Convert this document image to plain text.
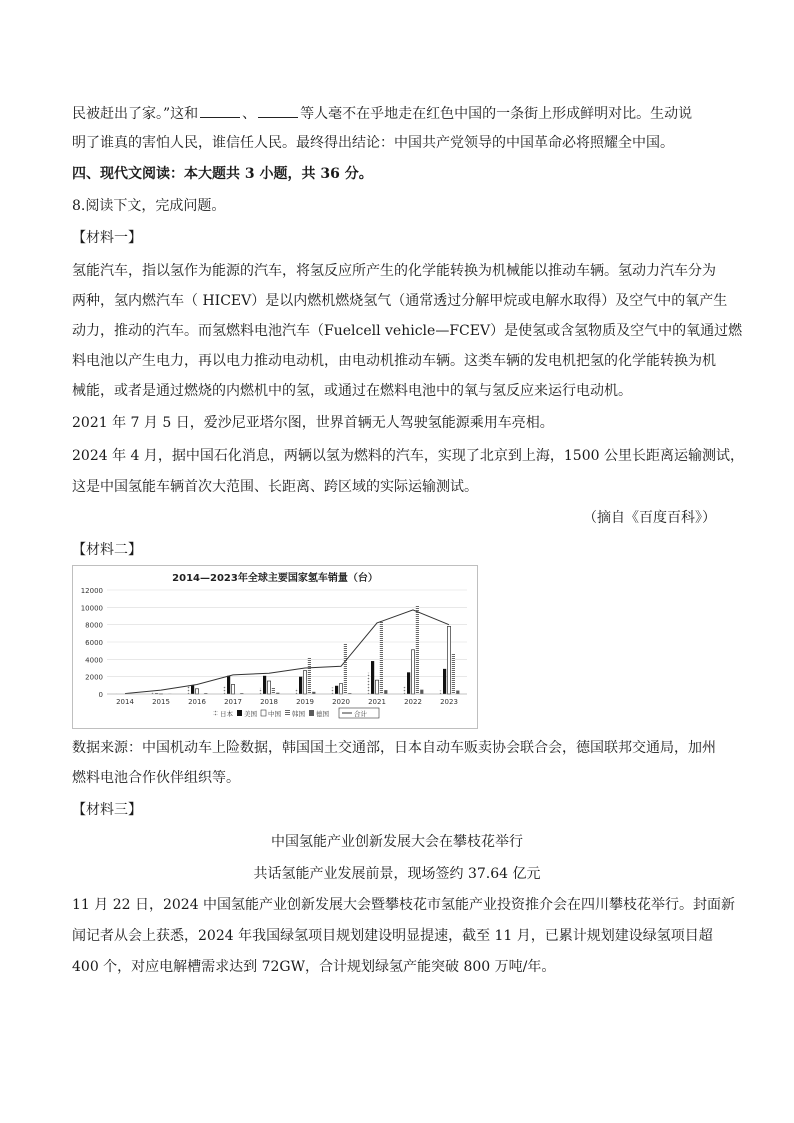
民被赶出了家。”这和	、	等人毫不在乎地走在红色中国的一条街上形成鲜明对比。生动说
明了谁真的害怕人民，谁信任人民。最终得出结论：中国共产党领导的中国革命必将照耀全中国。
四、现代文阅读：本大题共 3 小题，共 36 分。
8.阅读下文，完成问题。
【材料一】
氢能汽车，指以氢作为能源的汽车，将氢反应所产生的化学能转换为机械能以推动车辆。氢动力汽车分为
两种，氢内燃汽车（ HICEV）是以内燃机燃烧氢气（通常透过分解甲烷或电解水取得）及空气中的氧产生
动力，推动的汽车。而氢燃料电池汽车（Fuelcell vehicle—FCEV）是使氢或含氢物质及空气中的氧通过燃
料电池以产生电力，再以电力推动电动机，由电动机推动车辆。这类车辆的发电机把氢的化学能转换为机
械能，或者是通过燃烧的内燃机中的氢，或通过在燃料电池中的氧与氢反应来运行电动机。
2021 年 7 月 5 日，爱沙尼亚塔尔图，世界首辆无人驾驶氢能源乘用车亮相。
2024 年 4 月，据中国石化消息，两辆以氢为燃料的汽车，实现了北京到上海，1500 公里长距离运输测试，
这是中国氢能车辆首次大范围、长距离、跨区域的实际运输测试。
（摘自《百度百科》）
【材料二】
2014—2023年全球主要国家氢车销量（台）
0
2000
4000
6000
8000
10000
12000
2014	2015	2016	2017	2018	2019	2020	2021	2022	2023
日本 美国 中国 韩国 德国	合计
数据来源：中国机动车上险数据，韩国国土交通部，日本自动车贩卖协会联合会，德国联邦交通局，加州
燃料电池合作伙伴组织等。
【材料三】
中国氢能产业创新发展大会在攀枝花举行
共话氢能产业发展前景，现场签约 37.64 亿元
11 月 22 日，2024 中国氢能产业创新发展大会暨攀枝花市氢能产业投资推介会在四川攀枝花举行。封面新
闻记者从会上获悉，2024 年我国绿氢项目规划建设明显提速，截至 11 月，已累计规划建设绿氢项目超
400 个，对应电解槽需求达到 72GW，合计规划绿氢产能突破 800 万吨/年。
